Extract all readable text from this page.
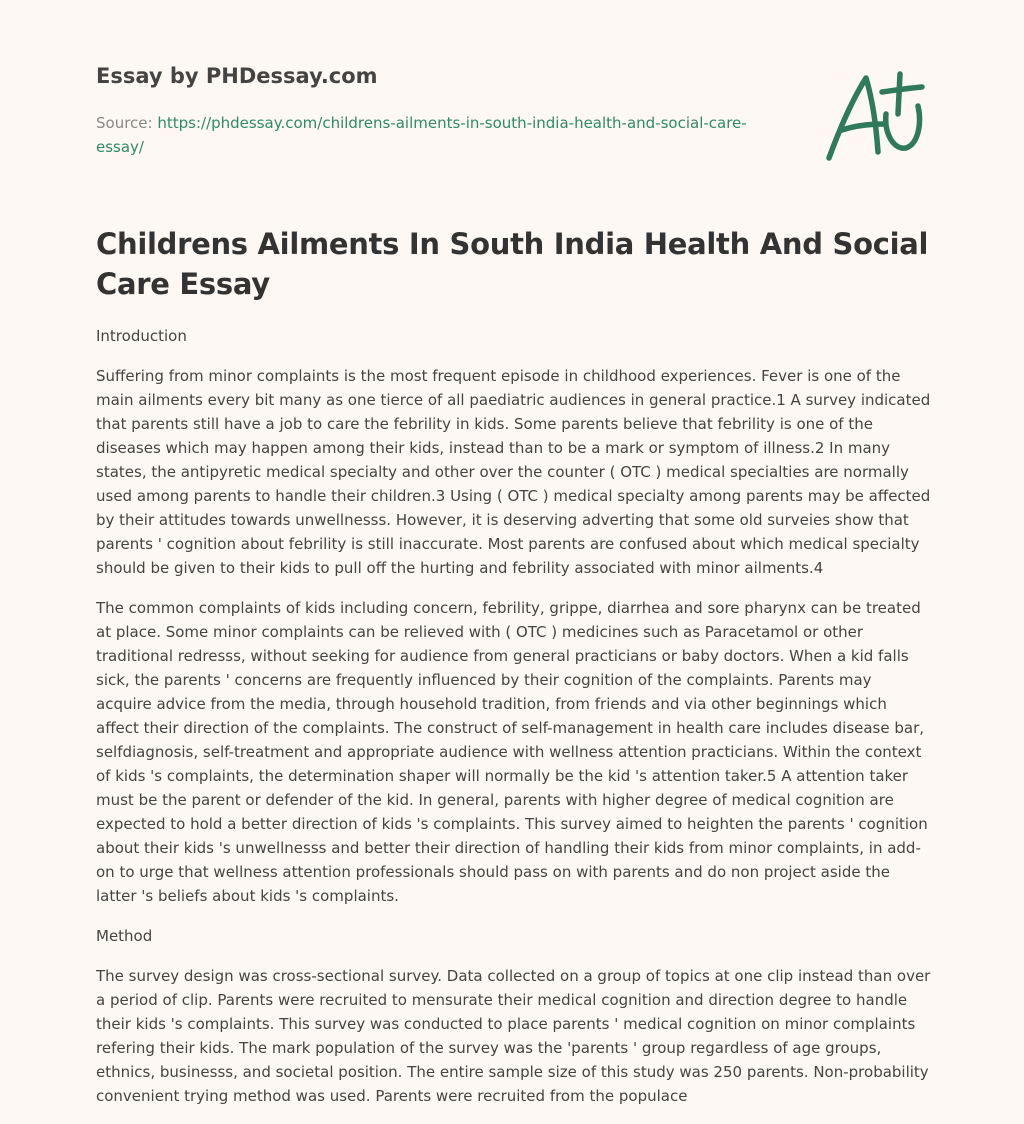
Essay by PHDessay.com
Source: https://phdessay.com/childrens-ailments-in-south-india-health-and-social-care-essay/
Childrens Ailments In South India Health And Social Care Essay

Introduction

Suffering from minor complaints is the most frequent episode in childhood experiences. Fever is one of the main ailments every bit many as one tierce of all paediatric audiences in general practice.1 A survey indicated that parents still have a job to care the febrility in kids. Some parents believe that febrility is one of the diseases which may happen among their kids, instead than to be a mark or symptom of illness.2 In many states, the antipyretic medical specialty and other over the counter ( OTC ) medical specialties are normally used among parents to handle their children.3 Using ( OTC ) medical specialty among parents may be affected by their attitudes towards unwellnesss. However, it is deserving adverting that some old surveies show that parents ' cognition about febrility is still inaccurate. Most parents are confused about which medical specialty should be given to their kids to pull off the hurting and febrility associated with minor ailments.4

The common complaints of kids including concern, febrility, grippe, diarrhea and sore pharynx can be treated at place. Some minor complaints can be relieved with ( OTC ) medicines such as Paracetamol or other traditional redresss, without seeking for audience from general practicians or baby doctors. When a kid falls sick, the parents ' concerns are frequently influenced by their cognition of the complaints. Parents may acquire advice from the media, through household tradition, from friends and via other beginnings which affect their direction of the complaints. The construct of self-management in health care includes disease bar, selfdiagnosis, self-treatment and appropriate audience with wellness attention practicians. Within the context of kids 's complaints, the determination shaper will normally be the kid 's attention taker.5 A attention taker must be the parent or defender of the kid. In general, parents with higher degree of medical cognition are expected to hold a better direction of kids 's complaints. This survey aimed to heighten the parents ' cognition about their kids 's unwellnesss and better their direction of handling their kids from minor complaints, in add-on to urge that wellness attention professionals should pass on with parents and do non project aside the latter 's beliefs about kids 's complaints.

Method

The survey design was cross-sectional survey. Data collected on a group of topics at one clip instead than over a period of clip. Parents were recruited to mensurate their medical cognition and direction degree to handle their kids 's complaints. This survey was conducted to place parents ' medical cognition on minor complaints refering their kids. The mark population of the survey was the 'parents ' group regardless of age groups, ethnics, businesss, and societal position. The entire sample size of this study was 250 parents. Non-probability convenient trying method was used. Parents were recruited from the populace
